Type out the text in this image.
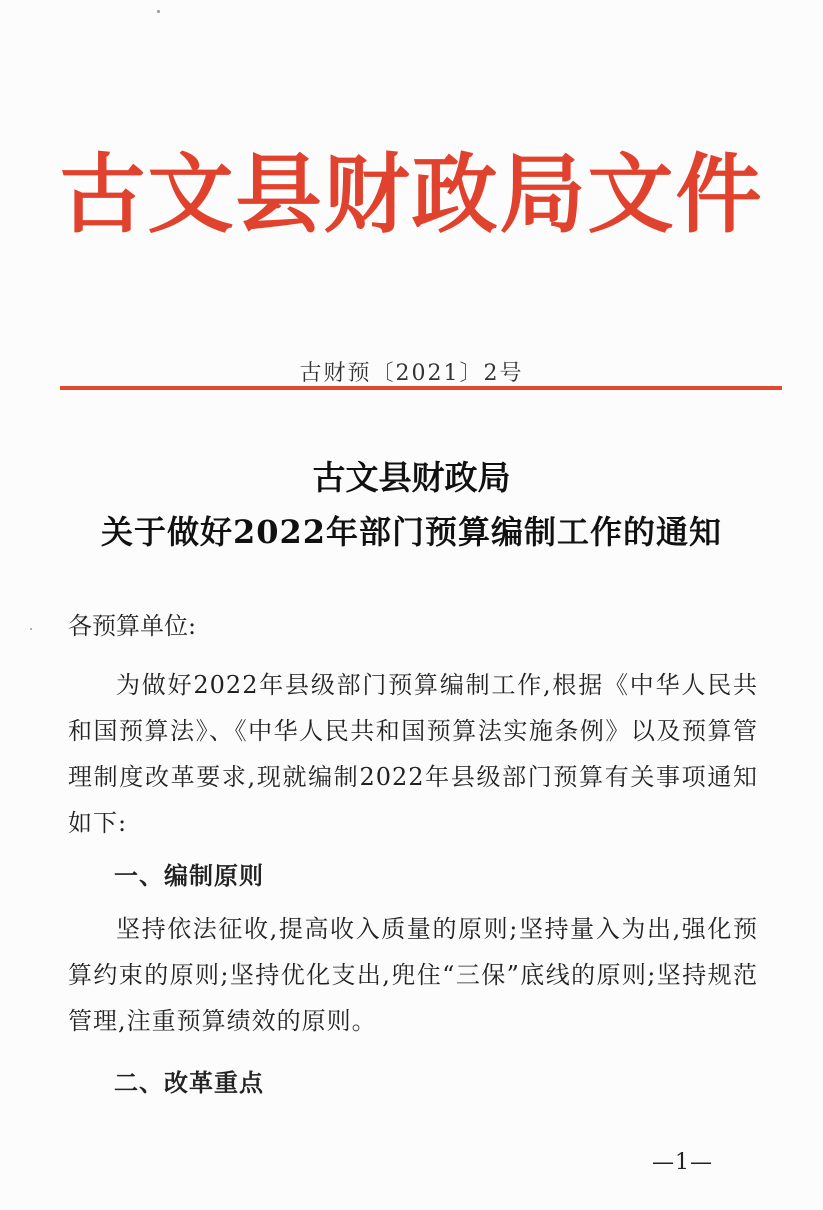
古文县财政局文件
古财预〔2021〕2号
古文县财政局
关于做好2022年部门预算编制工作的通知
各预算单位:
为做好2022年县级部门预算编制工作,根据《中华人民共和国预算法》、《中华人民共和国预算法实施条例》以及预算管理制度改革要求,现就编制2022年县级部门预算有关事项通知如下:
一、编制原则
坚持依法征收,提高收入质量的原则;坚持量入为出,强化预算约束的原则;坚持优化支出,兜住“三保”底线的原则;坚持规范管理,注重预算绩效的原则。
二、改革重点
—1—
